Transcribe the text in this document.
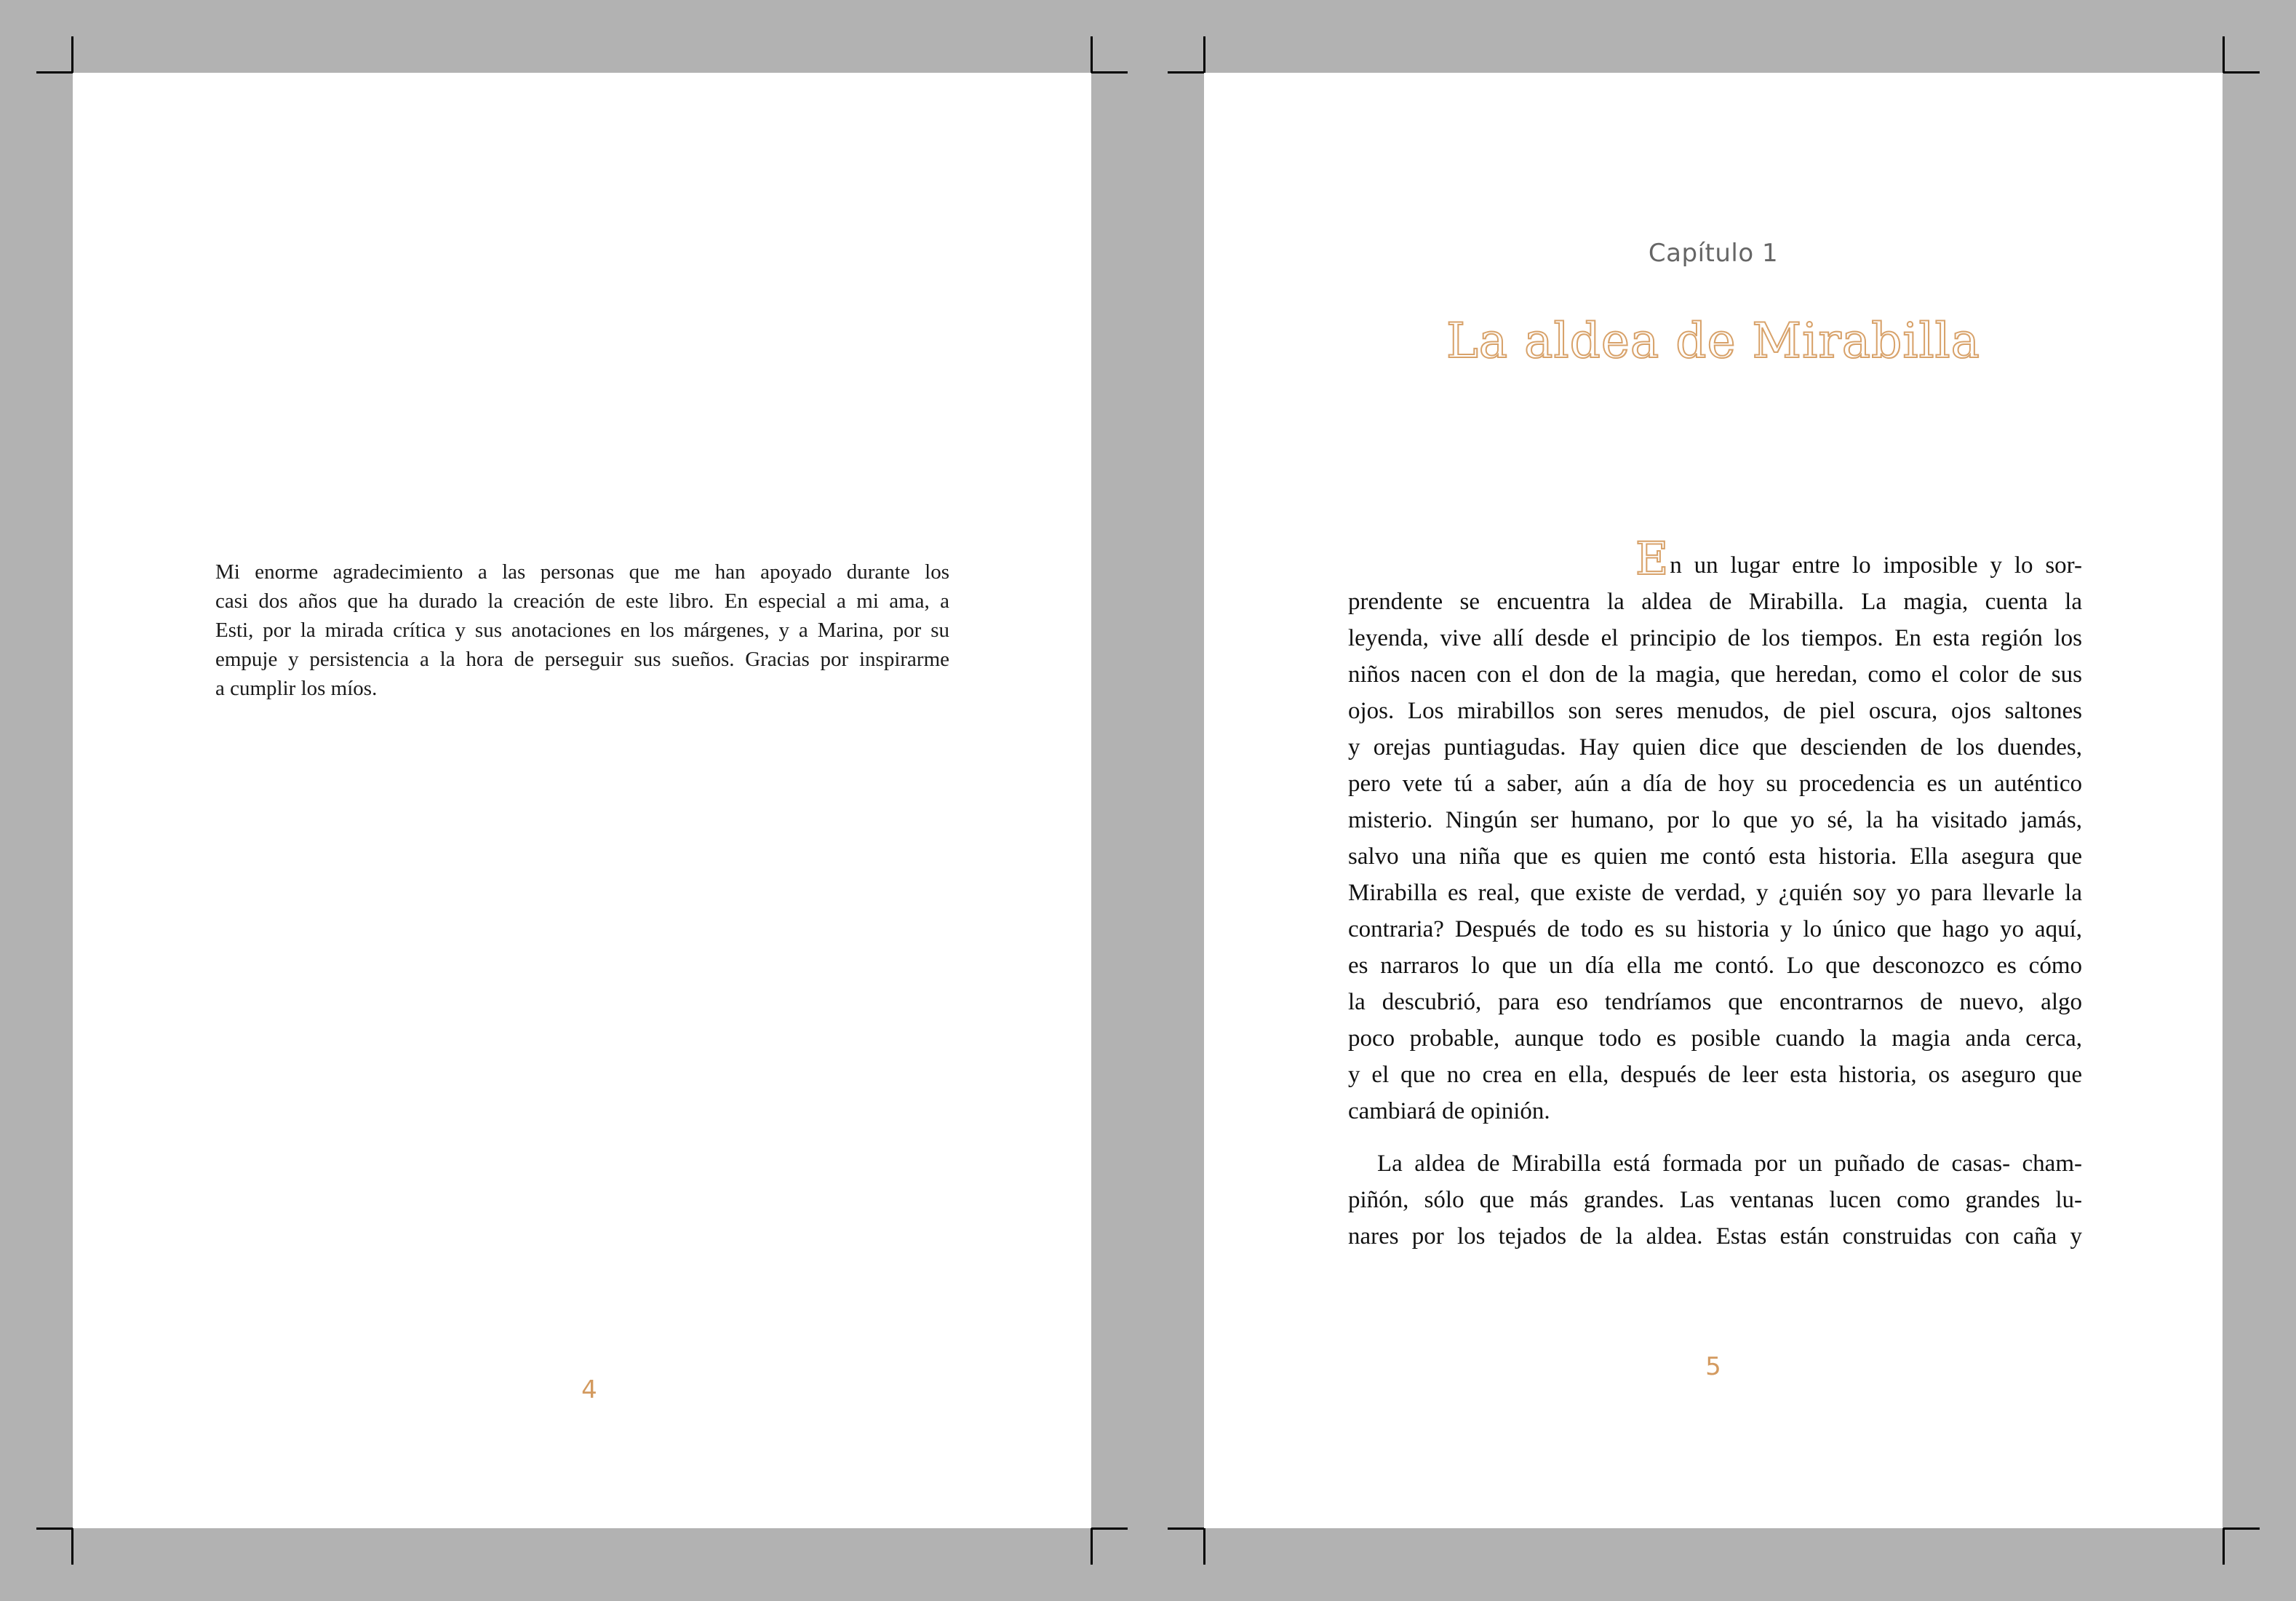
Mi enorme agradecimiento a las personas que me han apoyado durante los
casi dos años que ha durado la creación de este libro. En especial a mi ama, a
Esti, por la mirada crítica y sus anotaciones en los márgenes, y a Marina, por su
empuje y persistencia a la hora de perseguir sus sueños. Gracias por inspirarme
a cumplir los míos.
4
Capítulo 1
La aldea de Mirabilla

En un lugar entre lo imposible y lo sor-
prendente se encuentra la aldea de Mirabilla. La magia, cuenta la
leyenda, vive allí desde el principio de los tiempos. En esta región los
niños nacen con el don de la magia, que heredan, como el color de sus
ojos. Los mirabillos son seres menudos, de piel oscura, ojos saltones
y orejas puntiagudas. Hay quien dice que descienden de los duendes,
pero vete tú a saber, aún a día de hoy su procedencia es un auténtico
misterio. Ningún ser humano, por lo que yo sé, la ha visitado jamás,
salvo una niña que es quien me contó esta historia. Ella asegura que
Mirabilla es real, que existe de verdad, y ¿quién soy yo para llevarle la
contraria? Después de todo es su historia y lo único que hago yo aquí,
es narraros lo que un día ella me contó. Lo que desconozco es cómo
la descubrió, para eso tendríamos que encontrarnos de nuevo, algo
poco probable, aunque todo es posible cuando la magia anda cerca,
y el que no crea en ella, después de leer esta historia, os aseguro que
cambiará de opinión.

La aldea de Mirabilla está formada por un puñado de casas- cham-
piñón, sólo que más grandes. Las ventanas lucen como grandes lu-
nares por los tejados de la aldea. Estas están construidas con caña y

5
